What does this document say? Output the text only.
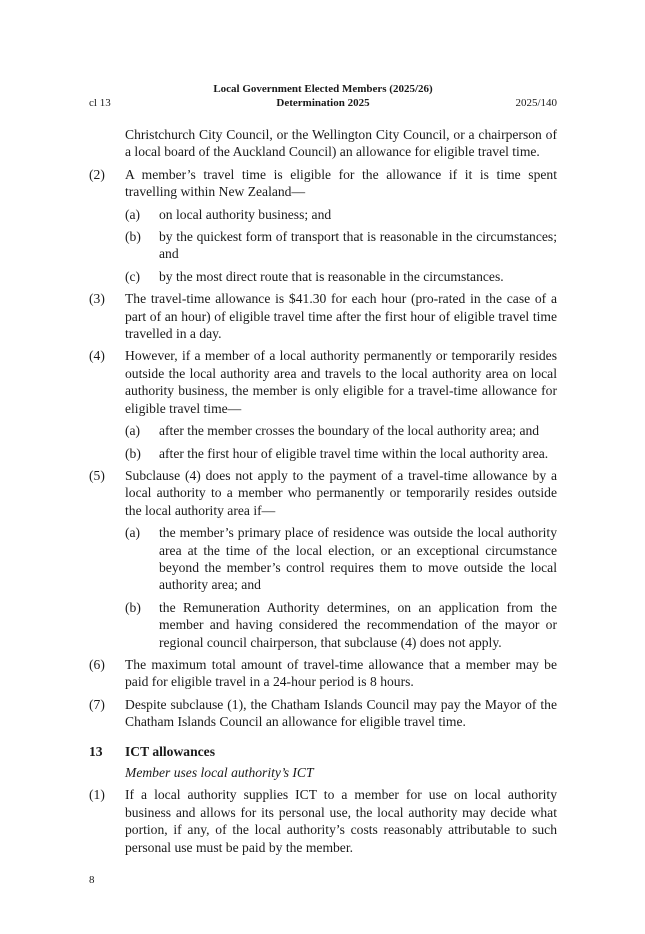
Local Government Elected Members (2025/26)
Determination 2025
cl 13	2025/140

Christchurch City Council, or the Wellington City Council, or a chairperson of a local board of the Auckland Council) an allowance for eligible travel time.

(2) A member’s travel time is eligible for the allowance if it is time spent travelling within New Zealand—

(a) on local authority business; and

(b) by the quickest form of transport that is reasonable in the circumstances; and

(c) by the most direct route that is reasonable in the circumstances.

(3) The travel-time allowance is $41.30 for each hour (pro-rated in the case of a part of an hour) of eligible travel time after the first hour of eligible travel time travelled in a day.

(4) However, if a member of a local authority permanently or temporarily resides outside the local authority area and travels to the local authority area on local authority business, the member is only eligible for a travel-time allowance for eligible travel time—

(a) after the member crosses the boundary of the local authority area; and

(b) after the first hour of eligible travel time within the local authority area.

(5) Subclause (4) does not apply to the payment of a travel-time allowance by a local authority to a member who permanently or temporarily resides outside the local authority area if—

(a) the member’s primary place of residence was outside the local authority area at the time of the local election, or an exceptional circumstance beyond the member’s control requires them to move outside the local authority area; and

(b) the Remuneration Authority determines, on an application from the member and having considered the recommendation of the mayor or regional council chairperson, that subclause (4) does not apply.

(6) The maximum total amount of travel-time allowance that a member may be paid for eligible travel in a 24-hour period is 8 hours.

(7) Despite subclause (1), the Chatham Islands Council may pay the Mayor of the Chatham Islands Council an allowance for eligible travel time.

13 ICT allowances

Member uses local authority’s ICT

(1) If a local authority supplies ICT to a member for use on local authority business and allows for its personal use, the local authority may decide what portion, if any, of the local authority’s costs reasonably attributable to such personal use must be paid by the member.

8
